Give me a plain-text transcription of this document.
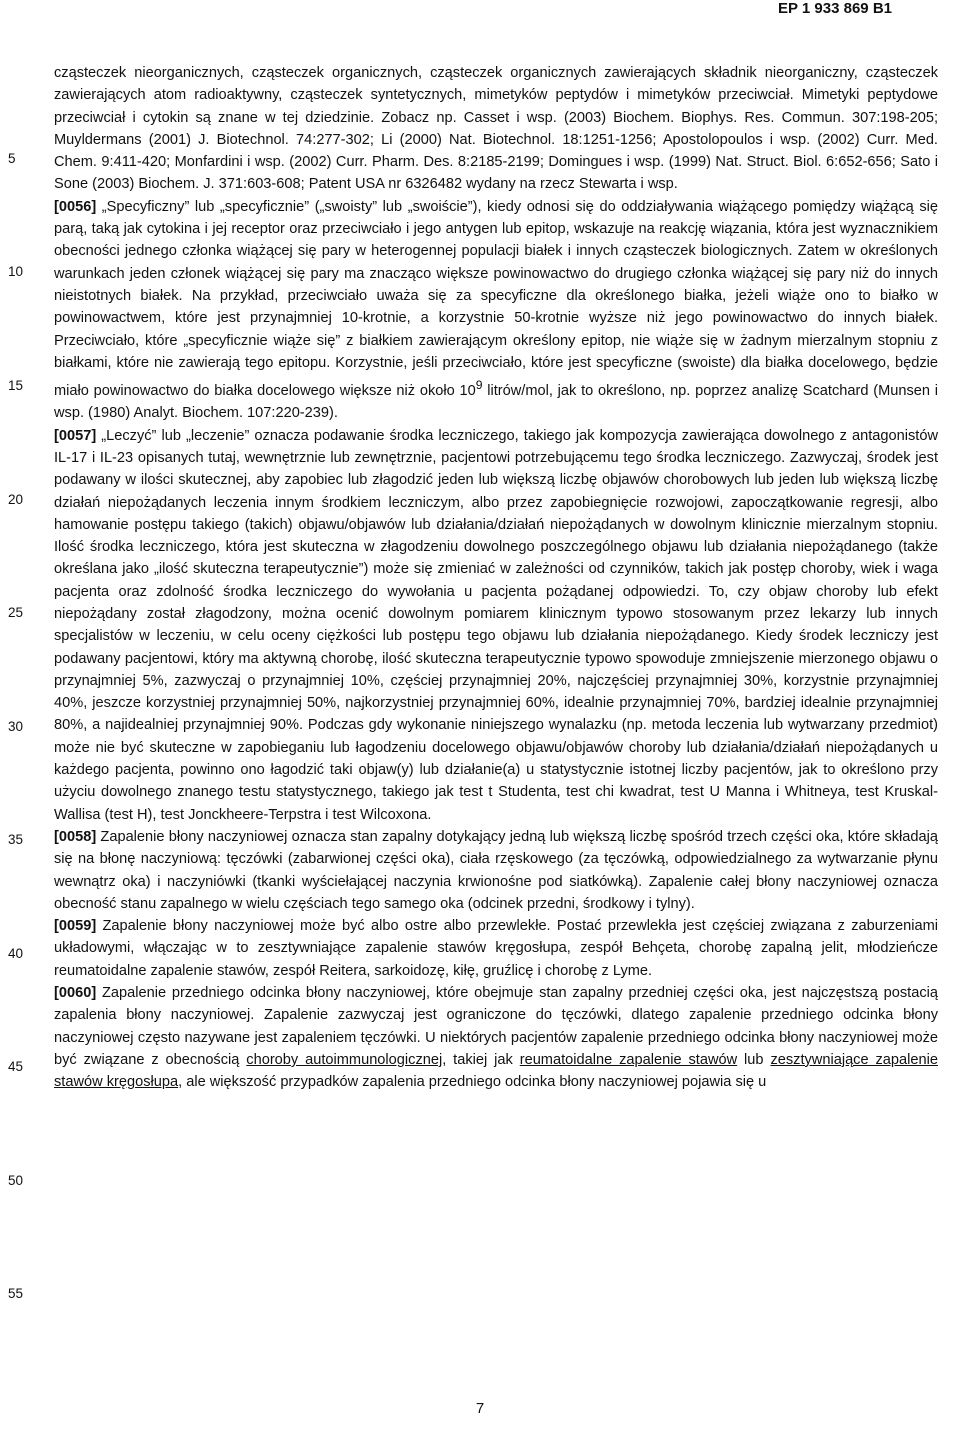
EP 1 933 869 B1
5
10
15
20
25
30
35
40
45
50
55

cząsteczek nieorganicznych, cząsteczek organicznych, cząsteczek organicznych zawierających składnik nieorganiczny, cząsteczek zawierających atom radioaktywny, cząsteczek syntetycznych, mimetyków peptydów i mimetyków przeciwciał. Mimetyki peptydowe przeciwciał i cytokin są znane w tej dziedzinie. Zobacz np. Casset i wsp. (2003) Biochem. Biophys. Res. Commun. 307:198-205; Muyldermans (2001) J. Biotechnol. 74:277-302; Li (2000) Nat. Biotechnol. 18:1251-1256; Apostolopoulos i wsp. (2002) Curr. Med. Chem. 9:411-420; Monfardini i wsp. (2002) Curr. Pharm. Des. 8:2185-2199; Domingues i wsp. (1999) Nat. Struct. Biol. 6:652-656; Sato i Sone (2003) Biochem. J. 371:603-608; Patent USA nr 6326482 wydany na rzecz Stewarta i wsp.

[0056] „Specyficzny” lub „specyficznie” („swoisty” lub „swoiście”), kiedy odnosi się do oddziaływania wiążącego pomiędzy wiążącą się parą, taką jak cytokina i jej receptor oraz przeciwciało i jego antygen lub epitop, wskazuje na reakcję wiązania, która jest wyznacznikiem obecności jednego członka wiążącej się pary w heterogennej populacji białek i innych cząsteczek biologicznych. Zatem w określonych warunkach jeden członek wiążącej się pary ma znacząco większe powinowactwo do drugiego członka wiążącej się pary niż do innych nieistotnych białek. Na przykład, przeciwciało uważa się za specyficzne dla określonego białka, jeżeli wiąże ono to białko w powinowactwem, które jest przynajmniej 10-krotnie, a korzystnie 50-krotnie wyższe niż jego powinowactwo do innych białek. Przeciwciało, które „specyficznie wiąże się” z białkiem zawierającym określony epitop, nie wiąże się w żadnym mierzalnym stopniu z białkami, które nie zawierają tego epitopu. Korzystnie, jeśli przeciwciało, które jest specyficzne (swoiste) dla białka docelowego, będzie miało powinowactwo do białka docelowego większe niż około $10^9$ litrów/mol, jak to określono, np. poprzez analizę Scatchard (Munsen i wsp. (1980) Analyt. Biochem. 107:220-239).

[0057] „Leczyć” lub „leczenie” oznacza podawanie środka leczniczego, takiego jak kompozycja zawierająca dowolnego z antagonistów IL-17 i IL-23 opisanych tutaj, wewnętrznie lub zewnętrznie, pacjentowi potrzebującemu tego środka leczniczego. Zazwyczaj, środek jest podawany w ilości skutecznej, aby zapobiec lub złagodzić jeden lub większą liczbę objawów chorobowych lub jeden lub większą liczbę działań niepożądanych leczenia innym środkiem leczniczym, albo przez zapobiegnięcie rozwojowi, zapoczątkowanie regresji, albo hamowanie postępu takiego (takich) objawu/objawów lub działania/działań niepożądanych w dowolnym klinicznie mierzalnym stopniu. Ilość środka leczniczego, która jest skuteczna w złagodzeniu dowolnego poszczególnego objawu lub działania niepożądanego (także określana jako „ilość skuteczna terapeutycznie”) może się zmieniać w zależności od czynników, takich jak postęp choroby, wiek i waga pacjenta oraz zdolność środka leczniczego do wywołania u pacjenta pożądanej odpowiedzi. To, czy objaw choroby lub efekt niepożądany został złagodzony, można ocenić dowolnym pomiarem klinicznym typowo stosowanym przez lekarzy lub innych specjalistów w leczeniu, w celu oceny ciężkości lub postępu tego objawu lub działania niepożądanego. Kiedy środek leczniczy jest podawany pacjentowi, który ma aktywną chorobę, ilość skuteczna terapeutycznie typowo spowoduje zmniejszenie mierzonego objawu o przynajmniej 5%, zazwyczaj o przynajmniej 10%, częściej przynajmniej 20%, najczęściej przynajmniej 30%, korzystnie przynajmniej 40%, jeszcze korzystniej przynajmniej 50%, najkorzystniej przynajmniej 60%, idealnie przynajmniej 70%, bardziej idealnie przynajmniej 80%, a najidealniej przynajmniej 90%. Podczas gdy wykonanie niniejszego wynalazku (np. metoda leczenia lub wytwarzany przedmiot) może nie być skuteczne w zapobieganiu lub łagodzeniu docelowego objawu/objawów choroby lub działania/działań niepożądanych u każdego pacjenta, powinno ono łagodzić taki objaw(y) lub działanie(a) u statystycznie istotnej liczby pacjentów, jak to określono przy użyciu dowolnego znanego testu statystycznego, takiego jak test t Studenta, test chi kwadrat, test U Manna i Whitneya, test Kruskal-Wallisa (test H), test Jonckheere-Terpstra i test Wilcoxona.

[0058] Zapalenie błony naczyniowej oznacza stan zapalny dotykający jedną lub większą liczbę spośród trzech części oka, które składają się na błonę naczyniową: tęczówki (zabarwionej części oka), ciała rzęskowego (za tęczówką, odpowiedzialnego za wytwarzanie płynu wewnątrz oka) i naczyniówki (tkanki wyściełającej naczynia krwionośne pod siatkówką). Zapalenie całej błony naczyniowej oznacza obecność stanu zapalnego w wielu częściach tego samego oka (odcinek przedni, środkowy i tylny).

[0059] Zapalenie błony naczyniowej może być albo ostre albo przewlekłe. Postać przewlekła jest częściej związana z zaburzeniami układowymi, włączając w to zesztywniające zapalenie stawów kręgosłupa, zespół Behçeta, chorobę zapalną jelit, młodzieńcze reumatoidalne zapalenie stawów, zespół Reitera, sarkoidozę, kiłę, gruźlicę i chorobę z Lyme.

[0060] Zapalenie przedniego odcinka błony naczyniowej, które obejmuje stan zapalny przedniej części oka, jest najczęstszą postacią zapalenia błony naczyniowej. Zapalenie zazwyczaj jest ograniczone do tęczówki, dlatego zapalenie przedniego odcinka błony naczyniowej często nazywane jest zapaleniem tęczówki. U niektórych pacjentów zapalenie przedniego odcinka błony naczyniowej może być związane z obecnością choroby autoimmunologicznej, takiej jak reumatoidalne zapalenie stawów lub zesztywniające zapalenie stawów kręgosłupa, ale większość przypadków zapalenia przedniego odcinka błony naczyniowej pojawia się u

7
